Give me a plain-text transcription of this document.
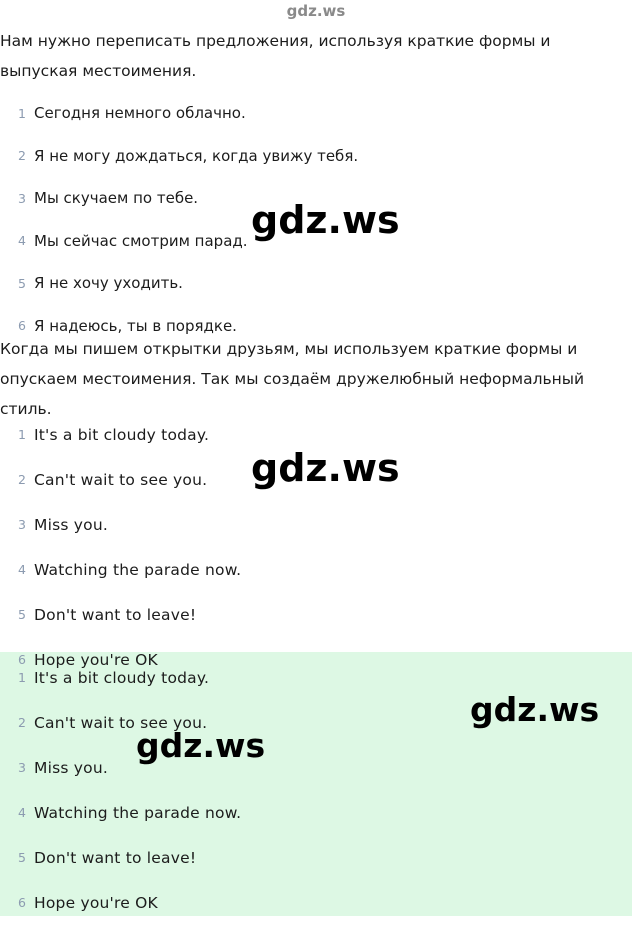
gdz.ws
Нам нужно переписать предложения, используя краткие формы и выпуская местоимения.
1 Сегодня немного облачно.
2 Я не могу дождаться, когда увижу тебя.
3 Мы скучаем по тебе.
4 Мы сейчас смотрим парад.
5 Я не хочу уходить.
6 Я надеюсь, ты в порядке.
Когда мы пишем открытки друзьям, мы используем краткие формы и опускаем местоимения. Так мы создаём дружелюбный неформальный стиль.
1 It's a bit cloudy today.
2 Can't wait to see you.
3 Miss you.
4 Watching the parade now.
5 Don't want to leave!
6 Hope you're OK
1 It's a bit cloudy today.
2 Can't wait to see you.
3 Miss you.
4 Watching the parade now.
5 Don't want to leave!
6 Hope you're OK
gdz.ws
gdz.ws
gdz.ws
gdz.ws
